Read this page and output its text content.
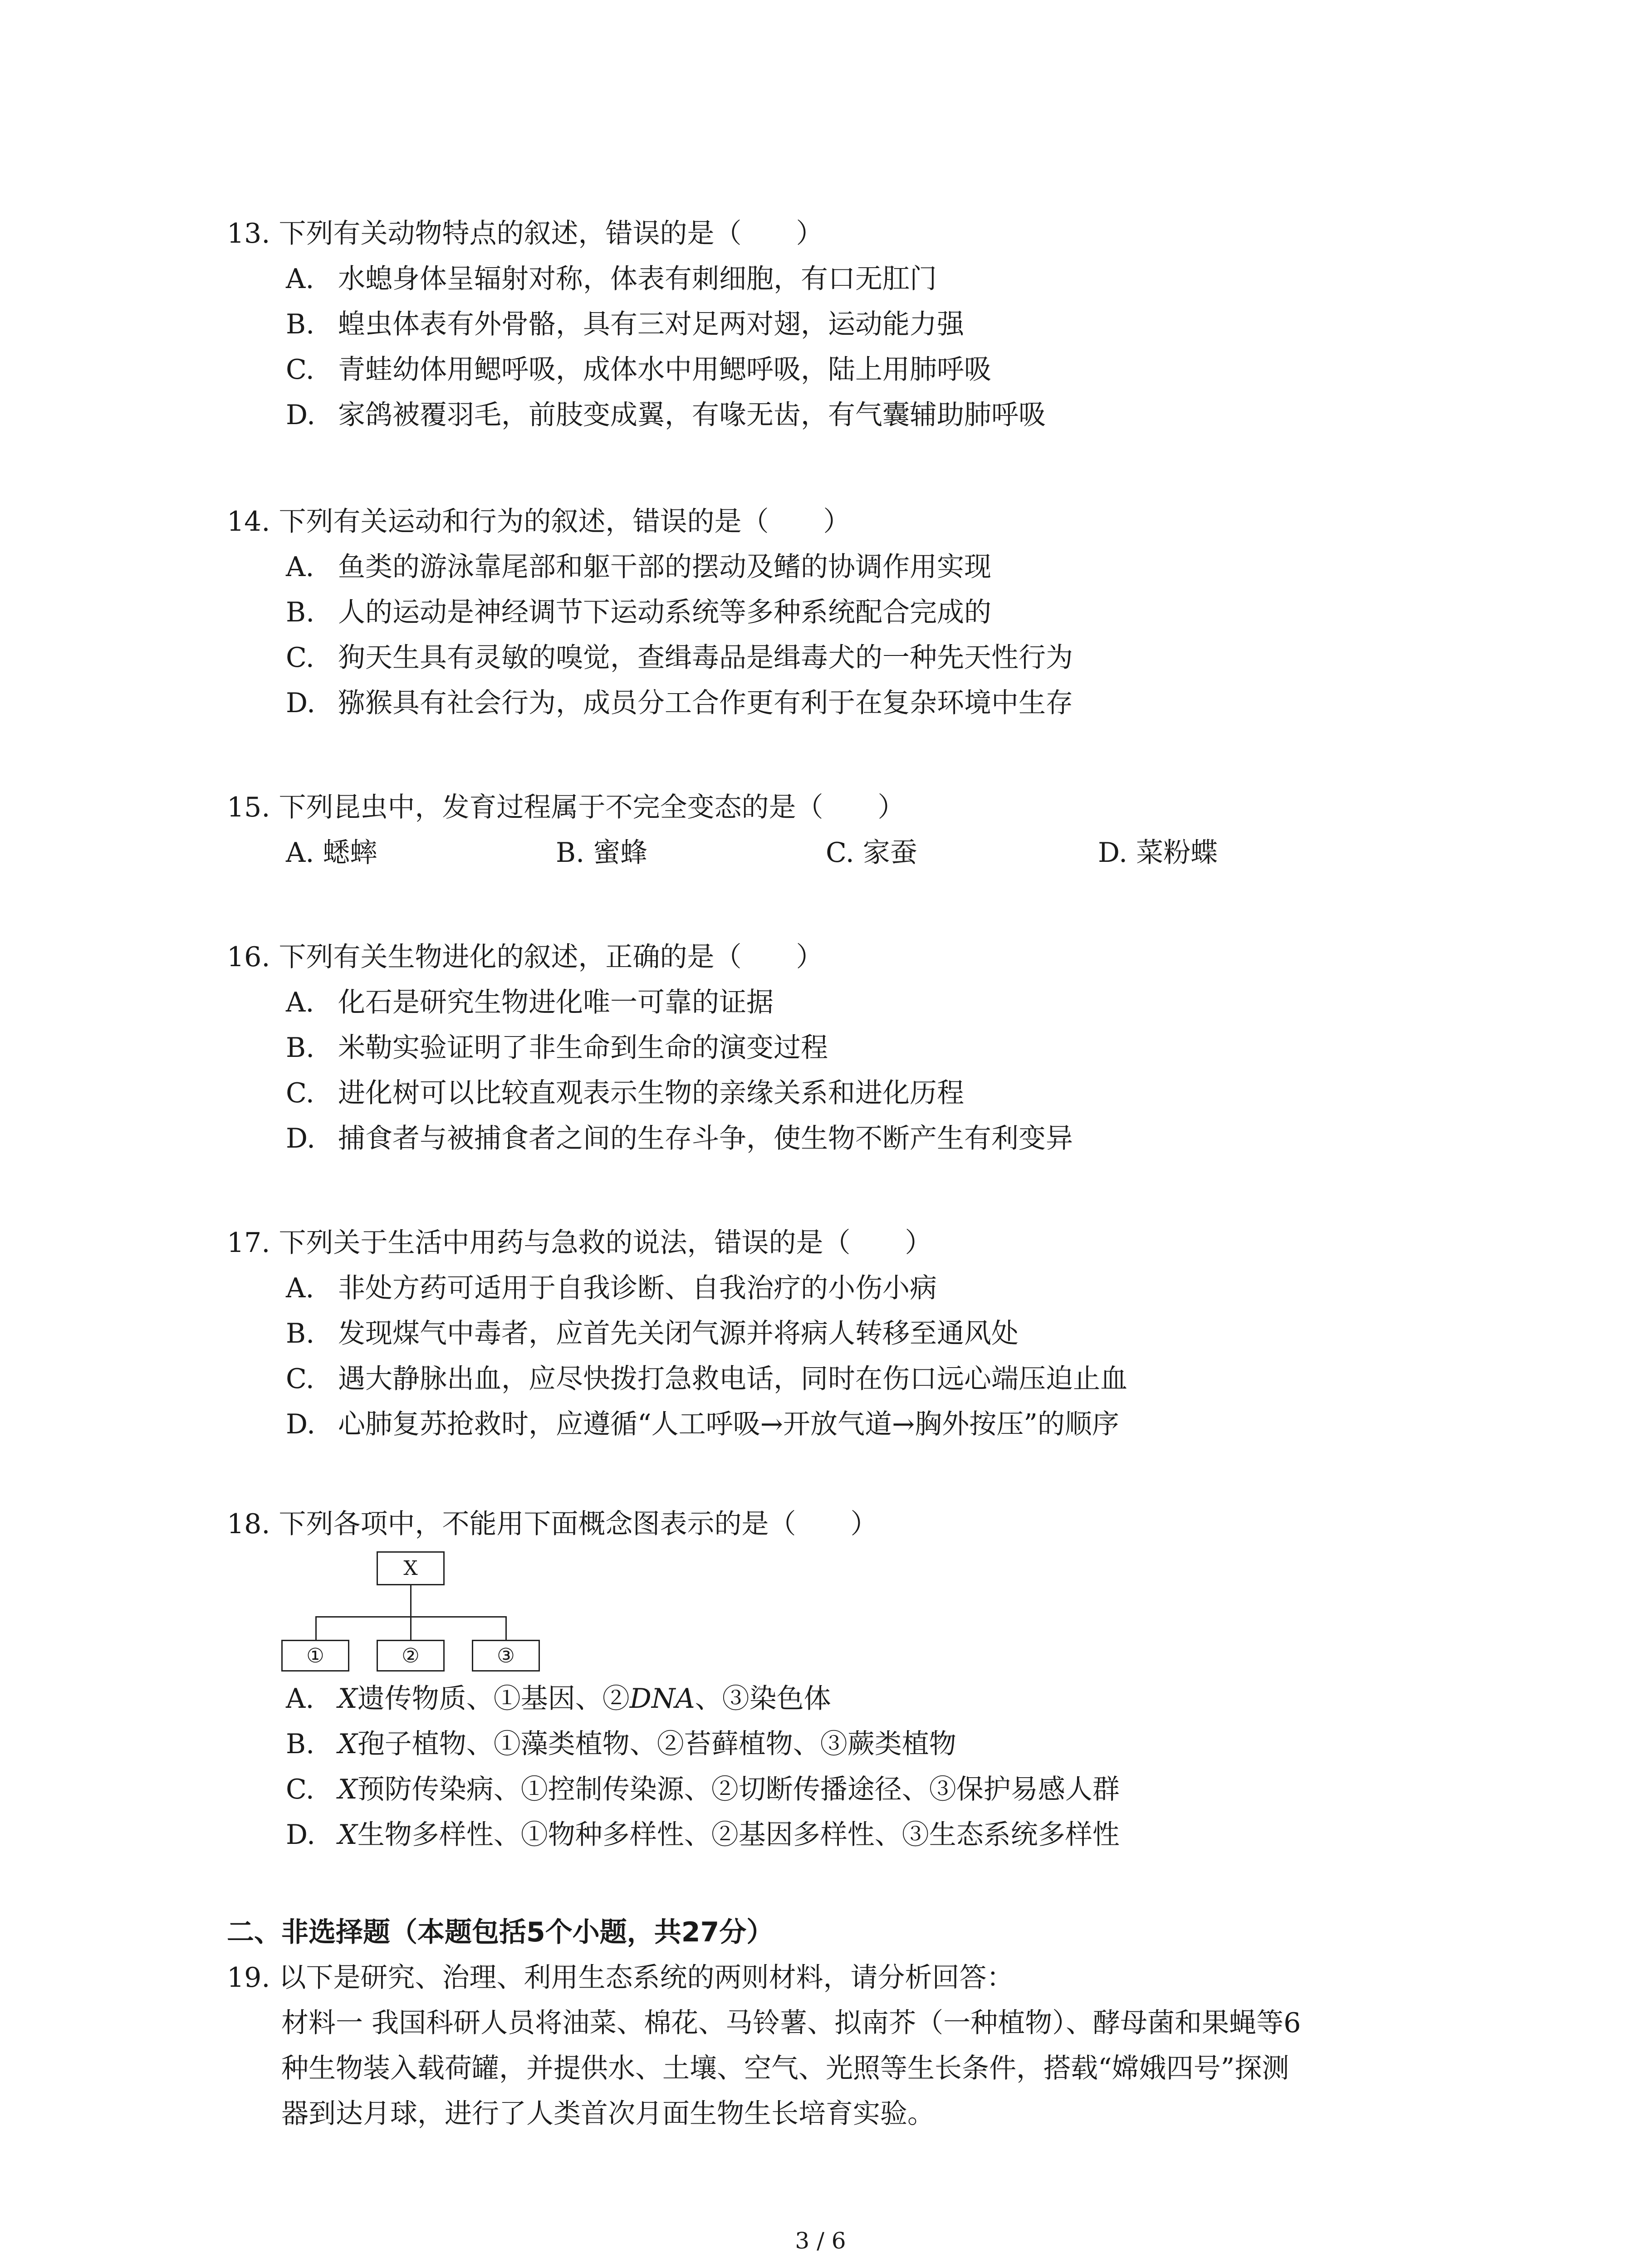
13. 下列有关动物特点的叙述，错误的是（　　）
A. 水螅身体呈辐射对称，体表有刺细胞，有口无肛门
B. 蝗虫体表有外骨骼，具有三对足两对翅，运动能力强
C. 青蛙幼体用鳃呼吸，成体水中用鳃呼吸，陆上用肺呼吸
D. 家鸽被覆羽毛，前肢变成翼，有喙无齿，有气囊辅助肺呼吸
14. 下列有关运动和行为的叙述，错误的是（　　）
A. 鱼类的游泳靠尾部和躯干部的摆动及鳍的协调作用实现
B. 人的运动是神经调节下运动系统等多种系统配合完成的
C. 狗天生具有灵敏的嗅觉，查缉毒品是缉毒犬的一种先天性行为
D. 猕猴具有社会行为，成员分工合作更有利于在复杂环境中生存
15. 下列昆虫中，发育过程属于不完全变态的是（　　）
A. 蟋蟀	B. 蜜蜂	C. 家蚕	D. 菜粉蝶
16. 下列有关生物进化的叙述，正确的是（　　）
A. 化石是研究生物进化唯一可靠的证据
B. 米勒实验证明了非生命到生命的演变过程
C. 进化树可以比较直观表示生物的亲缘关系和进化历程
D. 捕食者与被捕食者之间的生存斗争，使生物不断产生有利变异
17. 下列关于生活中用药与急救的说法，错误的是（　　）
A. 非处方药可适用于自我诊断、自我治疗的小伤小病
B. 发现煤气中毒者，应首先关闭气源并将病人转移至通风处
C. 遇大静脉出血，应尽快拨打急救电话，同时在伤口远心端压迫止血
D. 心肺复苏抢救时，应遵循“人工呼吸→开放气道→胸外按压”的顺序
18. 下列各项中，不能用下面概念图表示的是（　　）
X
①	②	③
A. X遗传物质、①基因、②DNA、③染色体
B. X孢子植物、①藻类植物、②苔藓植物、③蕨类植物
C. X预防传染病、①控制传染源、②切断传播途径、③保护易感人群
D. X生物多样性、①物种多样性、②基因多样性、③生态系统多样性
二、非选择题（本题包括5个小题，共27分）
19. 以下是研究、治理、利用生态系统的两则材料，请分析回答：
材料一 我国科研人员将油菜、棉花、马铃薯、拟南芥（一种植物）、酵母菌和果蝇等6
种生物装入载荷罐，并提供水、土壤、空气、光照等生长条件，搭载“嫦娥四号”探测
器到达月球，进行了人类首次月面生物生长培育实验。
3 / 6
